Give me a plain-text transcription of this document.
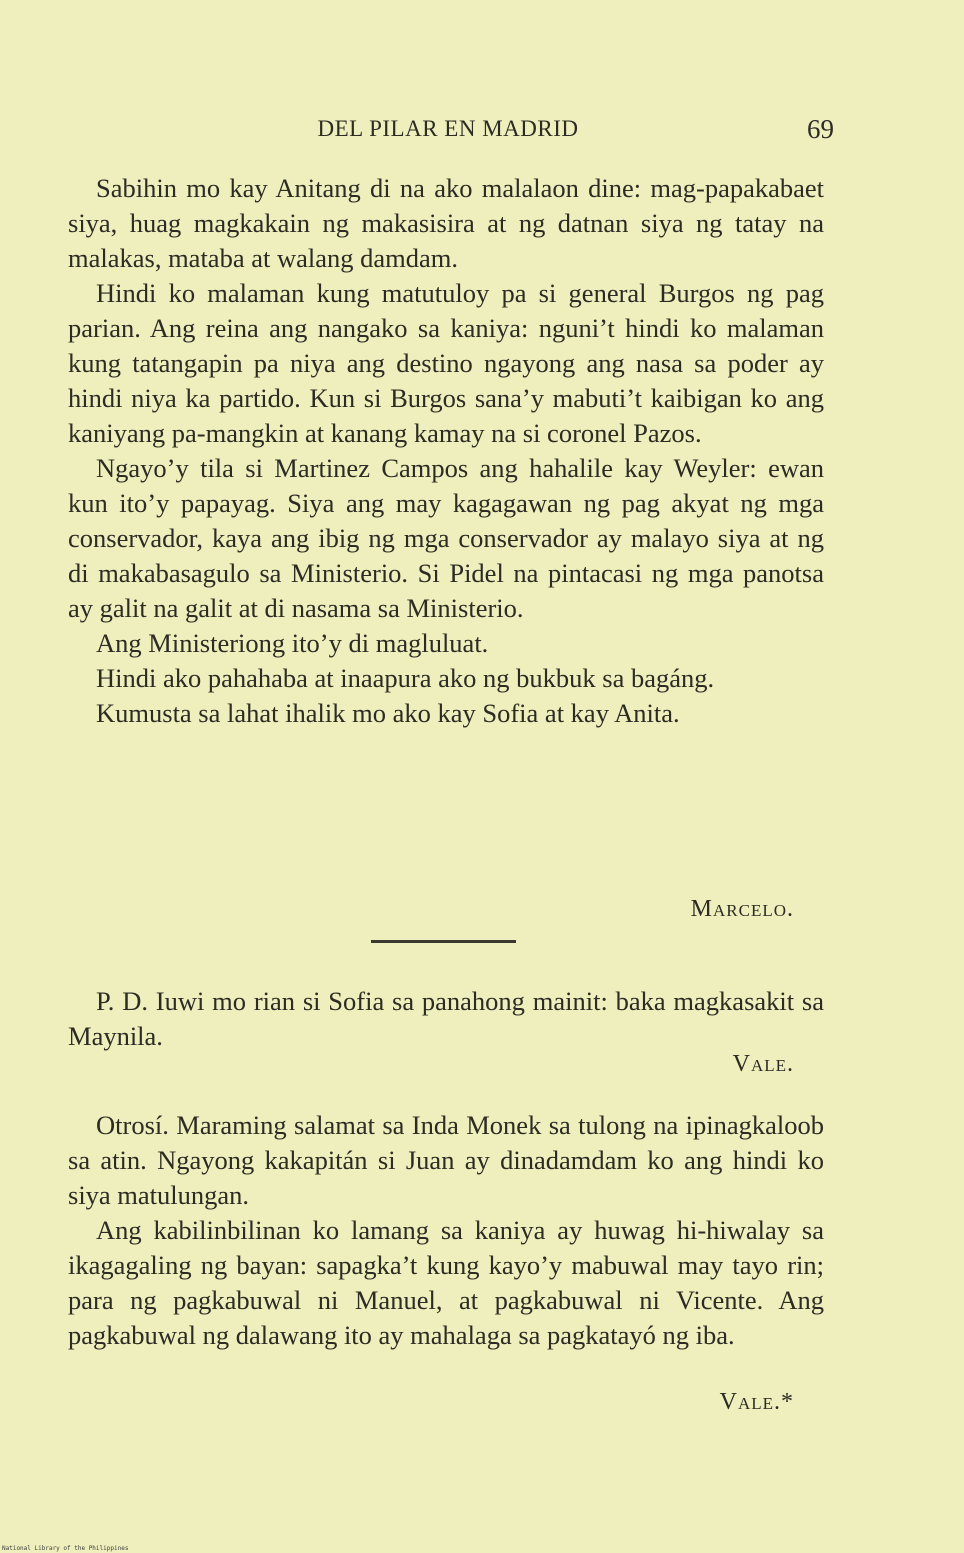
DEL PILAR EN MADRID	69

Sabihin mo kay Anitang di na ako malalaon dine: mag-papakabaet siya, huag magkakain ng makasisira at ng datnan siya ng tatay na malakas, mataba at walang damdam.

Hindi ko malaman kung matutuloy pa si general Burgos ng pag parian. Ang reina ang nangako sa kaniya: nguni’t hindi ko malaman kung tatangapin pa niya ang destino ngayong ang nasa sa poder ay hindi niya ka partido. Kun si Burgos sana’y mabuti’t kaibigan ko ang kaniyang pa-mangkin at kanang kamay na si coronel Pazos.

Ngayo’y tila si Martinez Campos ang hahalile kay Weyler: ewan kun ito’y papayag. Siya ang may kagagawan ng pag akyat ng mga conservador, kaya ang ibig ng mga conservador ay malayo siya at ng di makabasagulo sa Ministerio. Si Pidel na pintacasi ng mga panotsa ay galit na galit at di nasama sa Ministerio.

Ang Ministeriong ito’y di magluluat.

Hindi ako pahahaba at inaapura ako ng bukbuk sa bagáng.

Kumusta sa lahat ihalik mo ako kay Sofia at kay Anita.

Marcelo.

P. D. Iuwi mo rian si Sofia sa panahong mainit: baka magkasakit sa Maynila.

Vale.

Otrosí. Maraming salamat sa Inda Monek sa tulong na ipinagkaloob sa atin. Ngayong kakapitán si Juan ay dinadamdam ko ang hindi ko siya matulungan.

Ang kabilinbilinan ko lamang sa kaniya ay huwag hi-hiwalay sa ikagagaling ng bayan: sapagka’t kung kayo’y mabuwal may tayo rin; para ng pagkabuwal ni Manuel, at pagkabuwal ni Vicente. Ang pagkabuwal ng dalawang ito ay mahalaga sa pagkatayó ng iba.

Vale.*
National Library of the Philippines
